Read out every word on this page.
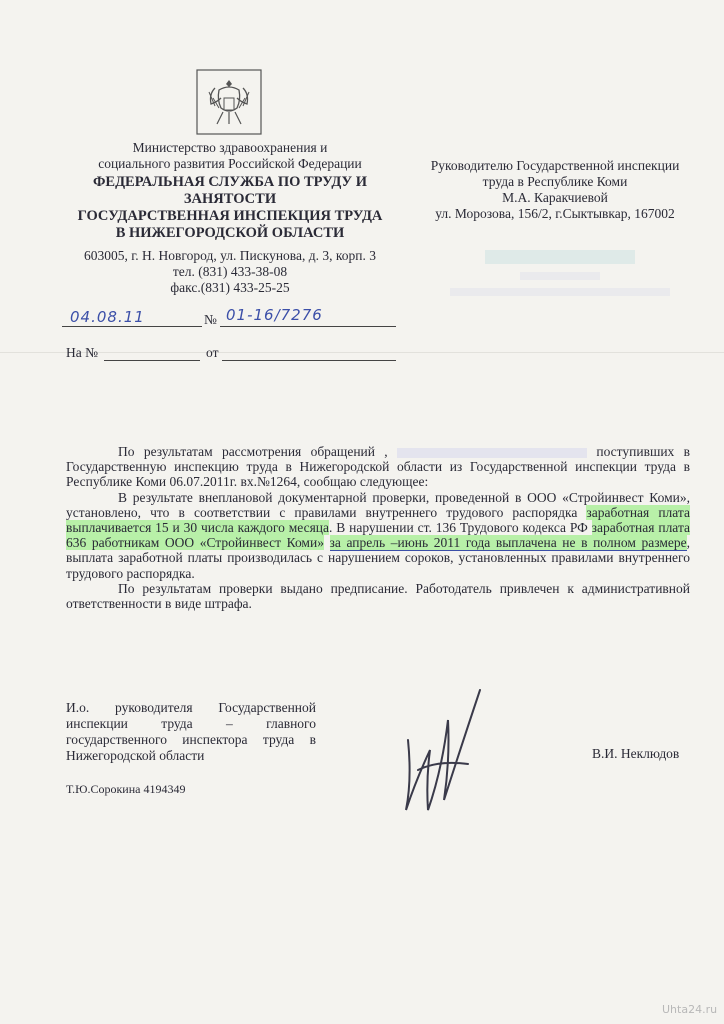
Министерство здравоохранения и
социального развития Российской Федерации
ФЕДЕРАЛЬНАЯ СЛУЖБА ПО ТРУДУ И
ЗАНЯТОСТИ
ГОСУДАРСТВЕННАЯ ИНСПЕКЦИЯ ТРУДА
В НИЖЕГОРОДСКОЙ ОБЛАСТИ
603005, г. Н. Новгород, ул. Пискунова, д. 3, корп. 3
тел. (831) 433-38-08
факс.(831) 433-25-25
Руководителю Государственной инспекции
труда в Республике Коми
М.А. Каракчиевой
ул. Морозова, 156/2, г.Сыктывкар, 167002
04.08.11	№ 01-16/7276
На №	от

По результатам рассмотрения обращений ,	поступивших в Государственную инспекцию труда в Нижегородской области из Государственной инспекции труда в Республике Коми 06.07.2011г. вх.№1264, сообщаю следующее:

В результате внеплановой документарной проверки, проведенной в ООО «Стройинвест Коми», установлено, что в соответствии с правилами внутреннего трудового распорядка заработная плата выплачивается 15 и 30 числа каждого месяца. В нарушении ст. 136 Трудового кодекса РФ заработная плата 636 работникам ООО «Стройинвест Коми» за апрель –июнь 2011 года выплачена не в полном размере, выплата заработной платы производилась с нарушением сороков, установленных правилами внутреннего трудового распорядка.

По результатам проверки выдано предписание. Работодатель привлечен к административной ответственности в виде штрафа.

И.о. руководителя Государственной инспекции труда – главного государственного инспектора труда в Нижегородской области	В.И. Неклюдов
Т.Ю.Сорокина 4194349
Uhta24.ru
